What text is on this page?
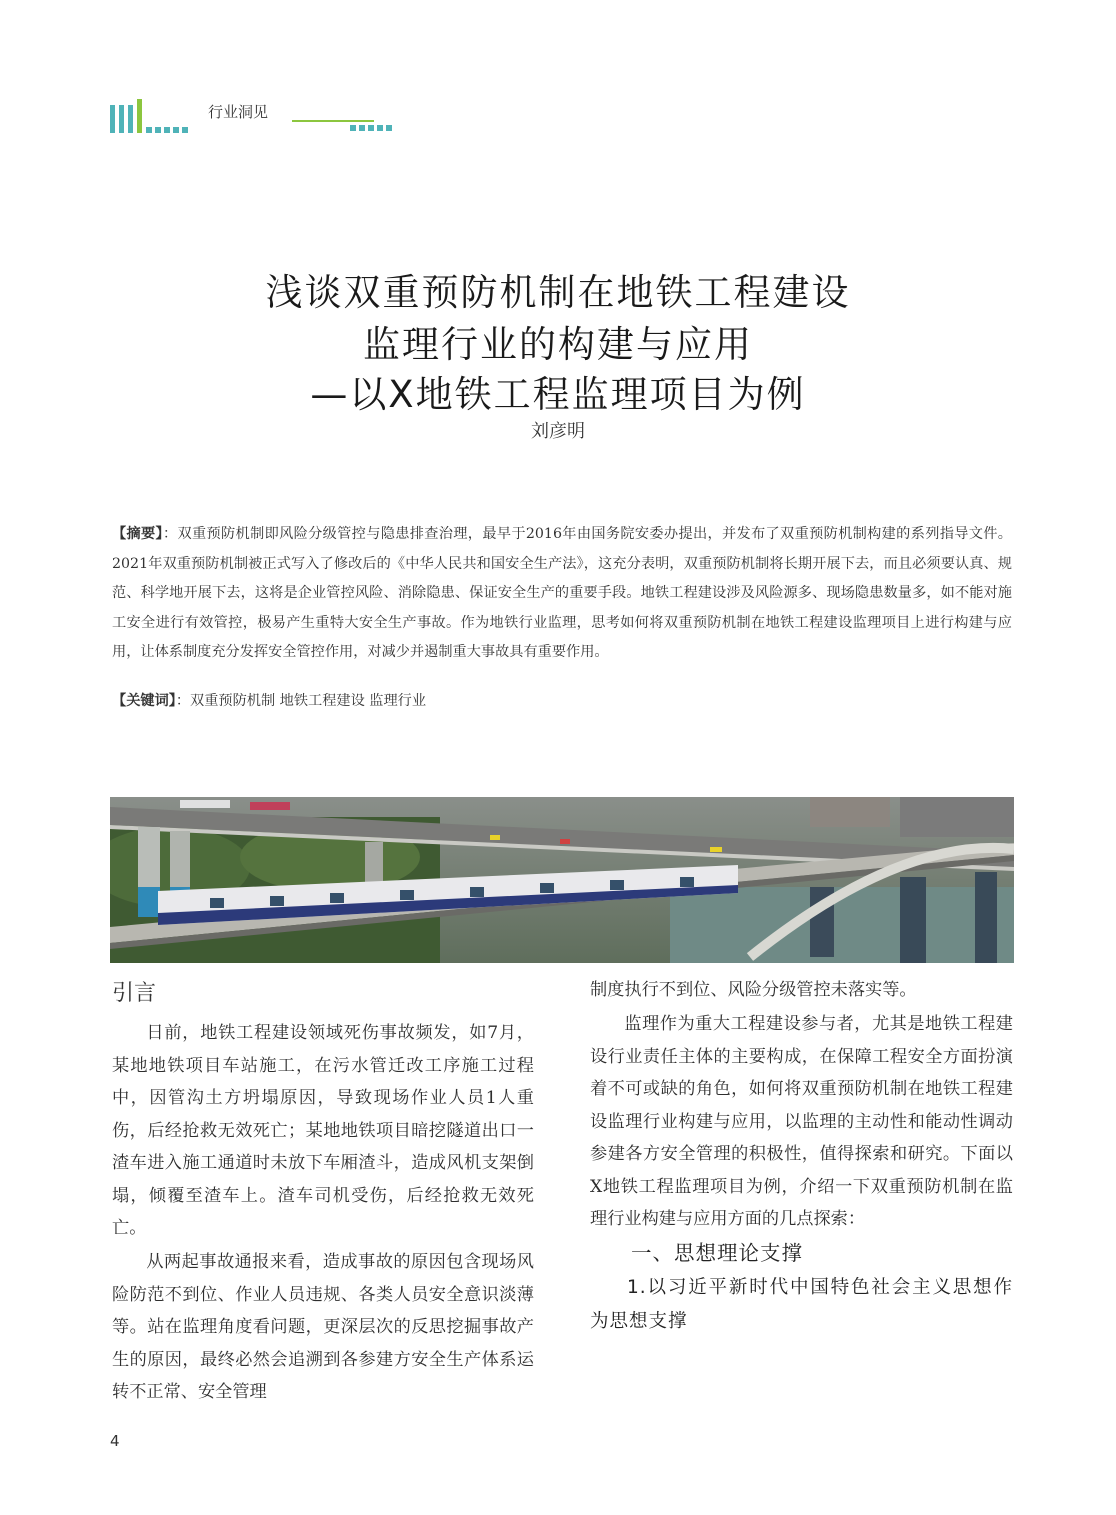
行业洞见
浅谈双重预防机制在地铁工程建设
监理行业的构建与应用
—以X地铁工程监理项目为例
刘彦明
【摘要】：双重预防机制即风险分级管控与隐患排查治理，最早于2016年由国务院安委办提出，并发布了双重预防机制构建的系列指导文件。2021年双重预防机制被正式写入了修改后的《中华人民共和国安全生产法》，这充分表明，双重预防机制将长期开展下去，而且必须要认真、规范、科学地开展下去，这将是企业管控风险、消除隐患、保证安全生产的重要手段。地铁工程建设涉及风险源多、现场隐患数量多，如不能对施工安全进行有效管控，极易产生重特大安全生产事故。作为地铁行业监理，思考如何将双重预防机制在地铁工程建设监理项目上进行构建与应用，让体系制度充分发挥安全管控作用，对减少并遏制重大事故具有重要作用。
【关键词】：双重预防机制 地铁工程建设 监理行业
引言

日前，地铁工程建设领域死伤事故频发，如7月，某地地铁项目车站施工，在污水管迁改工序施工过程中，因管沟土方坍塌原因，导致现场作业人员1人重伤，后经抢救无效死亡；某地地铁项目暗挖隧道出口一渣车进入施工通道时未放下车厢渣斗，造成风机支架倒塌，倾覆至渣车上。渣车司机受伤，后经抢救无效死亡。

从两起事故通报来看，造成事故的原因包含现场风险防范不到位、作业人员违规、各类人员安全意识淡薄等。站在监理角度看问题，更深层次的反思挖掘事故产生的原因，最终必然会追溯到各参建方安全生产体系运转不正常、安全管理

制度执行不到位、风险分级管控未落实等。

监理作为重大工程建设参与者，尤其是地铁工程建设行业责任主体的主要构成，在保障工程安全方面扮演着不可或缺的角色，如何将双重预防机制在地铁工程建设监理行业构建与应用，以监理的主动性和能动性调动参建各方安全管理的积极性，值得探索和研究。下面以X地铁工程监理项目为例，介绍一下双重预防机制在监理行业构建与应用方面的几点探索：

一、思想理论支撑

1.以习近平新时代中国特色社会主义思想作为思想支撑

4
